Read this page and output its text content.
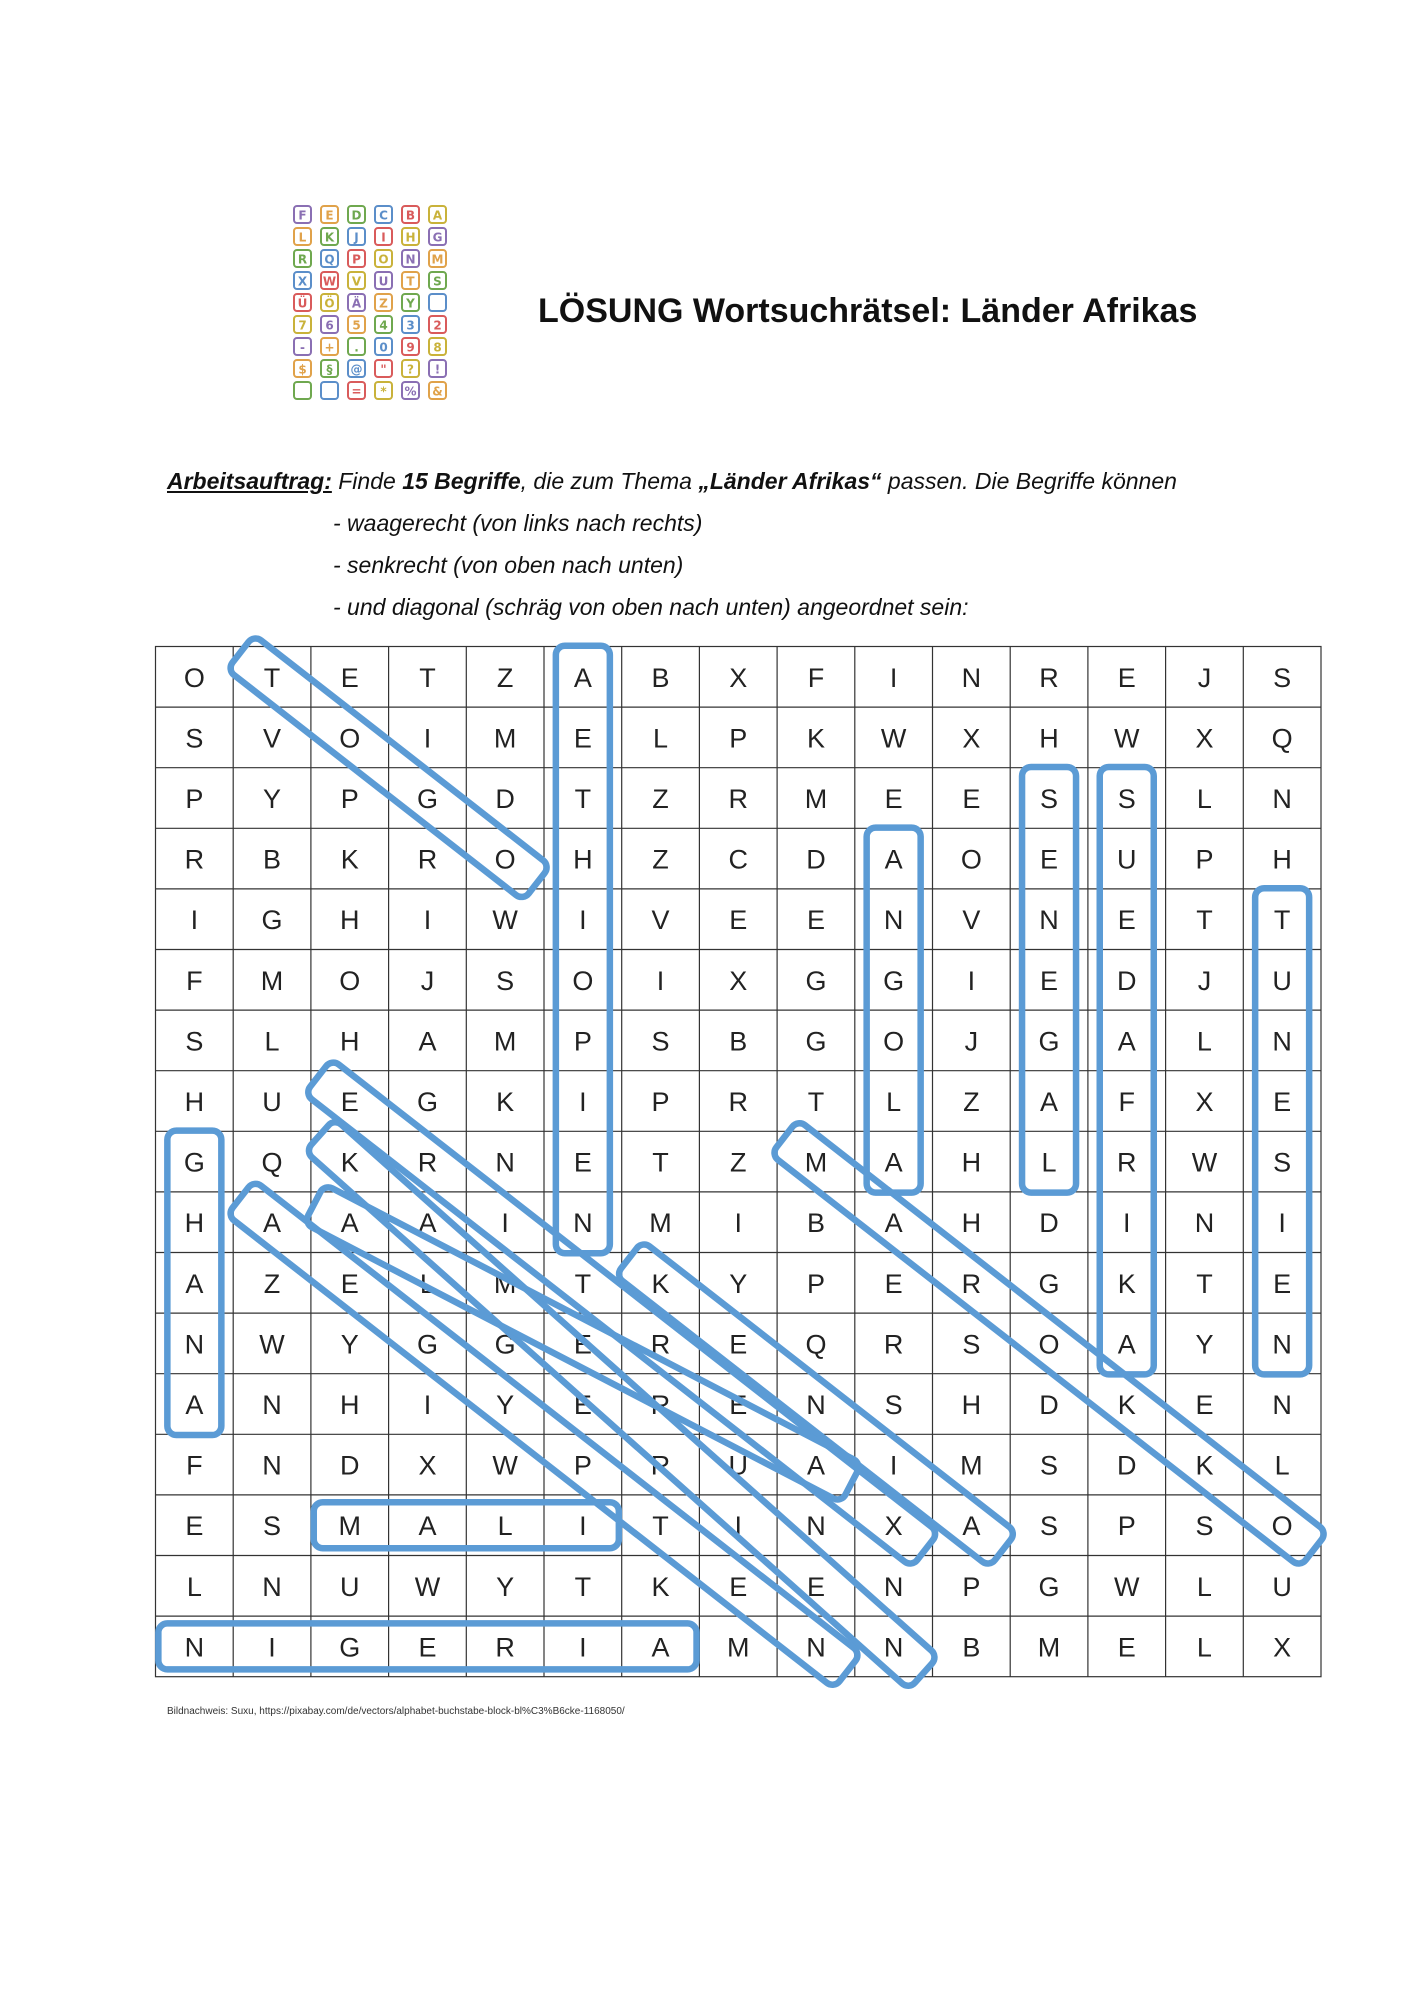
F E D C B A
L K J I H G
R Q P O N M
X W V U T S
Ü Ö Ä Z Y
7 6 5 4 3 2
- + . 0 9 8
$ § @ " ? !
= * % &
LÖSUNG Wortsuchrätsel: Länder Afrikas
Arbeitsauftrag: Finde 15 Begriffe, die zum Thema „Länder Afrikas“ passen. Die Begriffe können
- waagerecht (von links nach rechts)
- senkrecht (von oben nach unten)
- und diagonal (schräg von oben nach unten) angeordnet sein:
O T E T Z A B X F I N R E J S
S V O I M E L P K W X H W X Q
P Y P G D T Z R M E E S S L N
R B K R O H Z C D A O E U P H
I G H I W I V E E N V N E T T
F M O J S O I X G G I E D J U
S L H A M P S B G O J G A L N
H U E G K I P R T L Z A F X E
G Q K R N E T Z M A H L R W S
H A A A I N M I B A H D I N I
A Z E L M T K Y P E R G K T E
N W Y G G E R E Q R S O A Y N
A N H I Y E R E N S H D K E N
F N D X W P R U A I M S D K L
E S M A L I T I N X A S P S O
L N U W Y T K E E N P G W L U
N I G E R I A M N N B M E L X
Bildnachweis: Suxu, https://pixabay.com/de/vectors/alphabet-buchstabe-block-bl%C3%B6cke-1168050/
